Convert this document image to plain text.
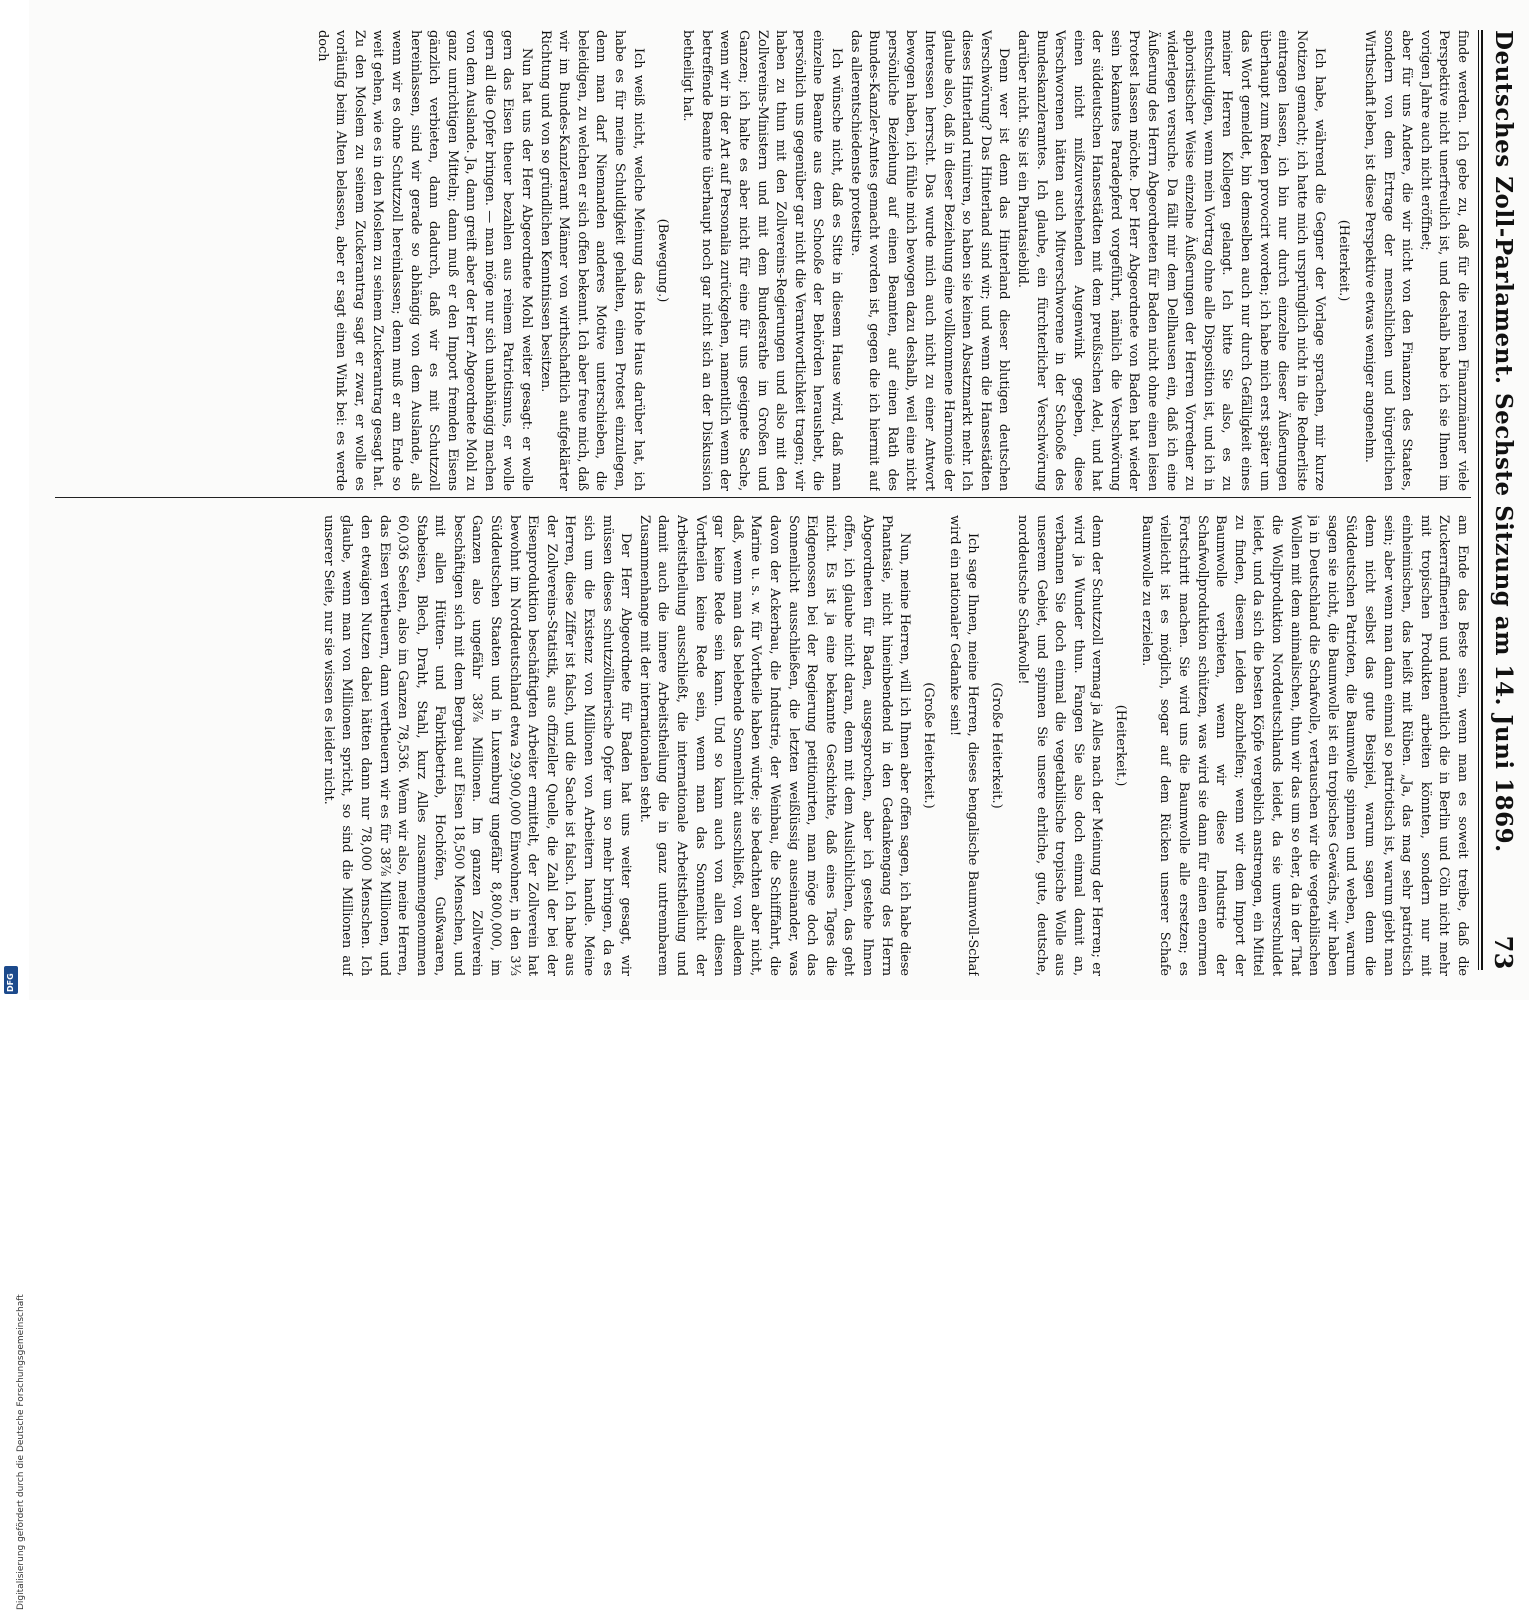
Deutsches Zoll-Parlament. Sechste Sitzung am 14. Juni 1869.
73

finde werden. Ich gebe zu, daß für die reinen Finanzmänner viele Perspektive nicht unerfreulich ist, und deshalb habe ich sie Ihnen im vorigen Jahre auch nicht eröffnet;

aber für uns Andere, die wir nicht von den Finanzen des Staates, sondern von dem Ertrage der menschlichen und bürgerlichen Wirthschaft leben, ist diese Perspektive etwas weniger angenehm.

(Heiterkeit.)

Ich habe, während die Gegner der Vorlage sprachen, mir kurze Notizen gemacht; ich hatte mich ursprünglich nicht in die Rednerliste eintragen lassen, ich bin nur durch einzelne dieser Äußerungen überhaupt zum Reden provocirt worden; ich habe mich erst später um das Wort gemeldet, bin demselben auch nur durch Gefälligkeit eines meiner Herren Kollegen gelangt. Ich bitte Sie also, es zu entschuldigen, wenn mein Vortrag ohne alle Disposition ist, und ich in aphoristischer Weise einzelne Äußerungen der Herren Vorredner zu widerlegen versuche. Da fällt mir dem Dellhausen ein, daß ich eine Äußerung des Herrn Abgeordneten für Baden nicht ohne einen leisen Protest lassen möchte. Der Herr Abgeordnete von Baden hat wieder sein bekanntes Paradepferd vorgeführt, nämlich die Verschwörung der süddeutschen Hansestädten mit dem preußischen Adel, und hat einen nicht mißzuverstehenden Augenwink gegeben, diese Verschworenen hätten auch Mitverschworene in der Schooße des Bundeskanzleramtes. Ich glaube, ein fürchterlicher Verschwörung darüber nicht. Sie ist ein Phantasiebild.

Denn wer ist denn das Hinterland dieser blutigen deutschen Verschwörung? Das Hinterland sind wir; und wenn die Hansestädten dieses Hinterland ruiniren, so haben sie keinen Absatzmarkt mehr. Ich glaube also, daß in dieser Beziehung eine vollkommene Harmonie der Interessen herrscht. Das wurde mich auch nicht zu einer Antwort bewogen haben, ich fühle mich bewogen dazu deshalb, weil eine nicht persönliche Beziehung auf einen Beamten, auf einen Rath des Bundes-Kanzler-Amtes gemacht worden ist, gegen die ich hiermit auf das allerentschiedenste protestire.

Ich wünsche nicht, daß es Sitte in diesem Hause wird, daß man einzelne Beamte aus dem Schooße der Behörden heraushebt, die persönlich uns gegenüber gar nicht die Verantwortlichkeit tragen; wir haben zu thun mit den Zollvereins-Regierungen und also mit den Zollvereins-Ministern und mit dem Bundesrathe im Großen und Ganzen; ich halte es aber nicht für eine für uns geeignete Sache, wenn wir in der Art auf Personalia zurückgehen, namentlich wenn der betreffende Beamte überhaupt noch gar nicht sich an der Diskussion betheiligt hat.

(Bewegung.)

Ich weiß nicht, welche Meinung das Hohe Haus darüber hat, ich habe es für meine Schuldigkeit gehalten, einen Protest einzulegen, denn man darf Niemanden anderes Motive unterschieben, die beleidigen, zu welchen er sich offen bekennt. Ich aber freue mich, daß wir im Bundes-Kanzleramt Männer von wirthschaftlich aufgeklärter Richtung und von so gründlichen Kenntnissen besitzen.

Nun hat uns der Herr Abgeordnete Mohl weiter gesagt: er wolle gern das Eisen theuer bezahlen aus reinem Patriotismus, er wolle gern all die Opfer bringen. — man möge nur sich unabhängig machen von dem Auslande. Ja, dann greift aber der Herr Abgeordnete Mohl zu ganz unrichtigen Mitteln; dann muß er den Import fremden Eisens gänzlich verbieten, dann dadurch, daß wir es mit Schutzzoll hereinlassen, sind wir gerade so abhängig von dem Auslande, als wenn wir es ohne Schutzzoll hereinlassen; denn muß er am Ende so weit gehen, wie es in den Moslem zu seinem Zuckerantrag gesagt hat. Zu den Moslem zu seinem Zuckerantrag sagt er zwar, er wolle es vorläufig beim Alten belassen, aber er sagt einen Wink bei: es werde doch

am Ende das Beste sein, wenn man es soweit treibe, daß die Zuckerraffinerien und namentlich die in Berlin und Cöln nicht mehr mit tropischen Produkten arbeiten könnten, sondern nur mit einheimischen, das heißt mit Rüben. „Ja, das mag sehr patriotisch sein; aber wenn man dann einmal so patriotisch ist, warum giebt man denn nicht selbst das gute Beispiel, warum sagen denn die Süddeutschen Patrioten, die Baumwolle spinnen und weben, warum sagen sie nicht, die Baumwolle ist ein tropisches Gewächs, wir haben ja in Deutschland die Schafwolle, vertauschen wir die vegetabilischen Wollen mit dem animalischen, thun wir das um so eher, da in der That die Wollproduktion Norddeutschlands leidet, da sie unverschuldet leidet, und da sich die besten Köpfe vergeblich anstrengen, ein Mittel zu finden, diesem Leiden abzuhelfen; wenn wir dem Import der Baumwolle verbieten, wenn wir diese Industrie der Schafwollproduktion schützen, was wird sie dann für einen enormen Fortschritt machen. Sie wird uns die Baumwolle alle ersetzen; es vielleicht ist es möglich, sogar auf dem Rücken unserer Schafe Baumwolle zu erzielen.

(Heiterkeit.)

denn der Schutzzoll vermag ja Alles nach der Meinung der Herren; er wird ja Wunder thun. Fangen Sie also doch einmal damit an, verbannen Sie doch einmal die vegetabilische tropische Wolle aus unserem Gebiet, und spinnen Sie unsere ehrliche, gute, deutsche, norddeutsche Schafwolle!

(Große Heiterkeit.)

Ich sage Ihnen, meine Herren, dieses bengalische Baumwoll-Schaf wird ein nationaler Gedanke sein!

(Große Heiterkeit.)

Nun, meine Herren, will ich Ihnen aber offen sagen, ich habe diese Phantasie, nicht hineinbendend in den Gedankengang des Herrn Abgeordneten für Baden, ausgesprochen, aber ich gestehe Ihnen offen, ich glaube nicht daran, denn mit dem Auslichlichen, das geht nicht. Es ist ja eine bekannte Geschichte, daß eines Tages die Eidgenossen bei der Regierung petitionirten, man möge doch das Sonnenlicht ausschließen, die letzten weißlüssig auseinander, was davon der Ackerbau, die Industrie, der Weinbau, die Schifffahrt, die Marine u. s. w. für Vortheile haben würde; sie bedachten aber nicht, daß, wenn man das belebende Sonnenlicht ausschließt, von alledem gar keine Rede sein kann. Und so kann auch von allen diesen Vortheilen keine Rede sein, wenn man das Sonnenlicht der Arbeitstheilung ausschließt, die internationale Arbeitstheilung und damit auch die innere Arbeitstheilung die in ganz untrennbarem Zusammenhange mit der internationalen steht.

Der Herr Abgeordnete für Baden hat uns weiter gesagt, wir müssen dieses schutzzöllnerische Opfer um so mehr bringen, da es sich um die Existenz von Millionen von Arbeitern handle. Meine Herren, diese Ziffer ist falsch, und die Sache ist falsch. Ich habe aus der Zollvereins-Statistik, aus offizieller Quelle, die Zahl der bei der Eisenproduktion beschäftigten Arbeiter ermittelt, der Zollverein hat bewohnt im Norddeutschland etwa 29,900,000 Einwohner, in den 3⅓ Süddeutschen Staaten und in Luxemburg ungefähr 8,800,000, im Ganzen also ungefähr 38⅞ Millionen. Im ganzen Zollverein beschäftigen sich mit dem Bergbau auf Eisen 18,500 Menschen, und mit allen Hütten- und Fabrikbetrieb, Hochöfen, Gußwaaren, Stabeisen, Blech, Draht, Stahl, kurz Alles zusammengenommen 60,036 Seelen, also im Ganzen 78,536. Wenn wir also, meine Herren, das Eisen vertheuern, dann vertheuern wir es für 38⅞ Millionen, und den etwaigen Nutzen dabei hätten dann nur 78,000 Menschen. Ich glaube, wenn man von Millionen spricht, so sind die Millionen auf unserer Seite, nur sie wissen es leider nicht.

Digitalisierung gefördert durch die Deutsche Forschungsgemeinschaft
DFG
